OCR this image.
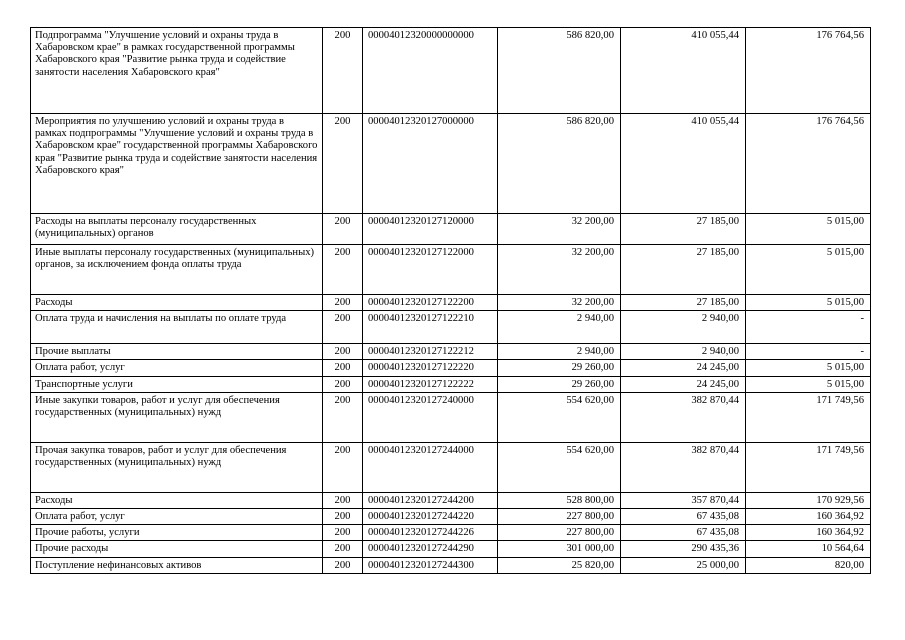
Подпрограмма "Улучшение условий и охраны труда в Хабаровском крае" в рамках государственной программы Хабаровского края "Развитие рынка труда и содействие занятости населения Хабаровского края"	200	00004012320000000000	586 820,00	410 055,44	176 764,56
Мероприятия по улучшению условий и охраны труда в рамках подпрограммы "Улучшение условий и охраны труда в Хабаровском крае" государственной программы Хабаровского края "Развитие рынка труда и содействие занятости населения Хабаровского края"	200	00004012320127000000	586 820,00	410 055,44	176 764,56
Расходы на выплаты персоналу государственных (муниципальных) органов	200	00004012320127120000	32 200,00	27 185,00	5 015,00
Иные выплаты персоналу государственных (муниципальных) органов, за исключением фонда оплаты труда	200	00004012320127122000	32 200,00	27 185,00	5 015,00
Расходы	200	00004012320127122200	32 200,00	27 185,00	5 015,00
Оплата труда и начисления на выплаты по оплате труда	200	00004012320127122210	2 940,00	2 940,00	-
Прочие выплаты	200	00004012320127122212	2 940,00	2 940,00	-
Оплата работ, услуг	200	00004012320127122220	29 260,00	24 245,00	5 015,00
Транспортные услуги	200	00004012320127122222	29 260,00	24 245,00	5 015,00
Иные закупки товаров, работ и услуг для обеспечения государственных (муниципальных) нужд	200	00004012320127240000	554 620,00	382 870,44	171 749,56
Прочая закупка товаров, работ и услуг для обеспечения государственных (муниципальных) нужд	200	00004012320127244000	554 620,00	382 870,44	171 749,56
Расходы	200	00004012320127244200	528 800,00	357 870,44	170 929,56
Оплата работ, услуг	200	00004012320127244220	227 800,00	67 435,08	160 364,92
Прочие работы, услуги	200	00004012320127244226	227 800,00	67 435,08	160 364,92
Прочие расходы	200	00004012320127244290	301 000,00	290 435,36	10 564,64
Поступление нефинансовых активов	200	00004012320127244300	25 820,00	25 000,00	820,00
